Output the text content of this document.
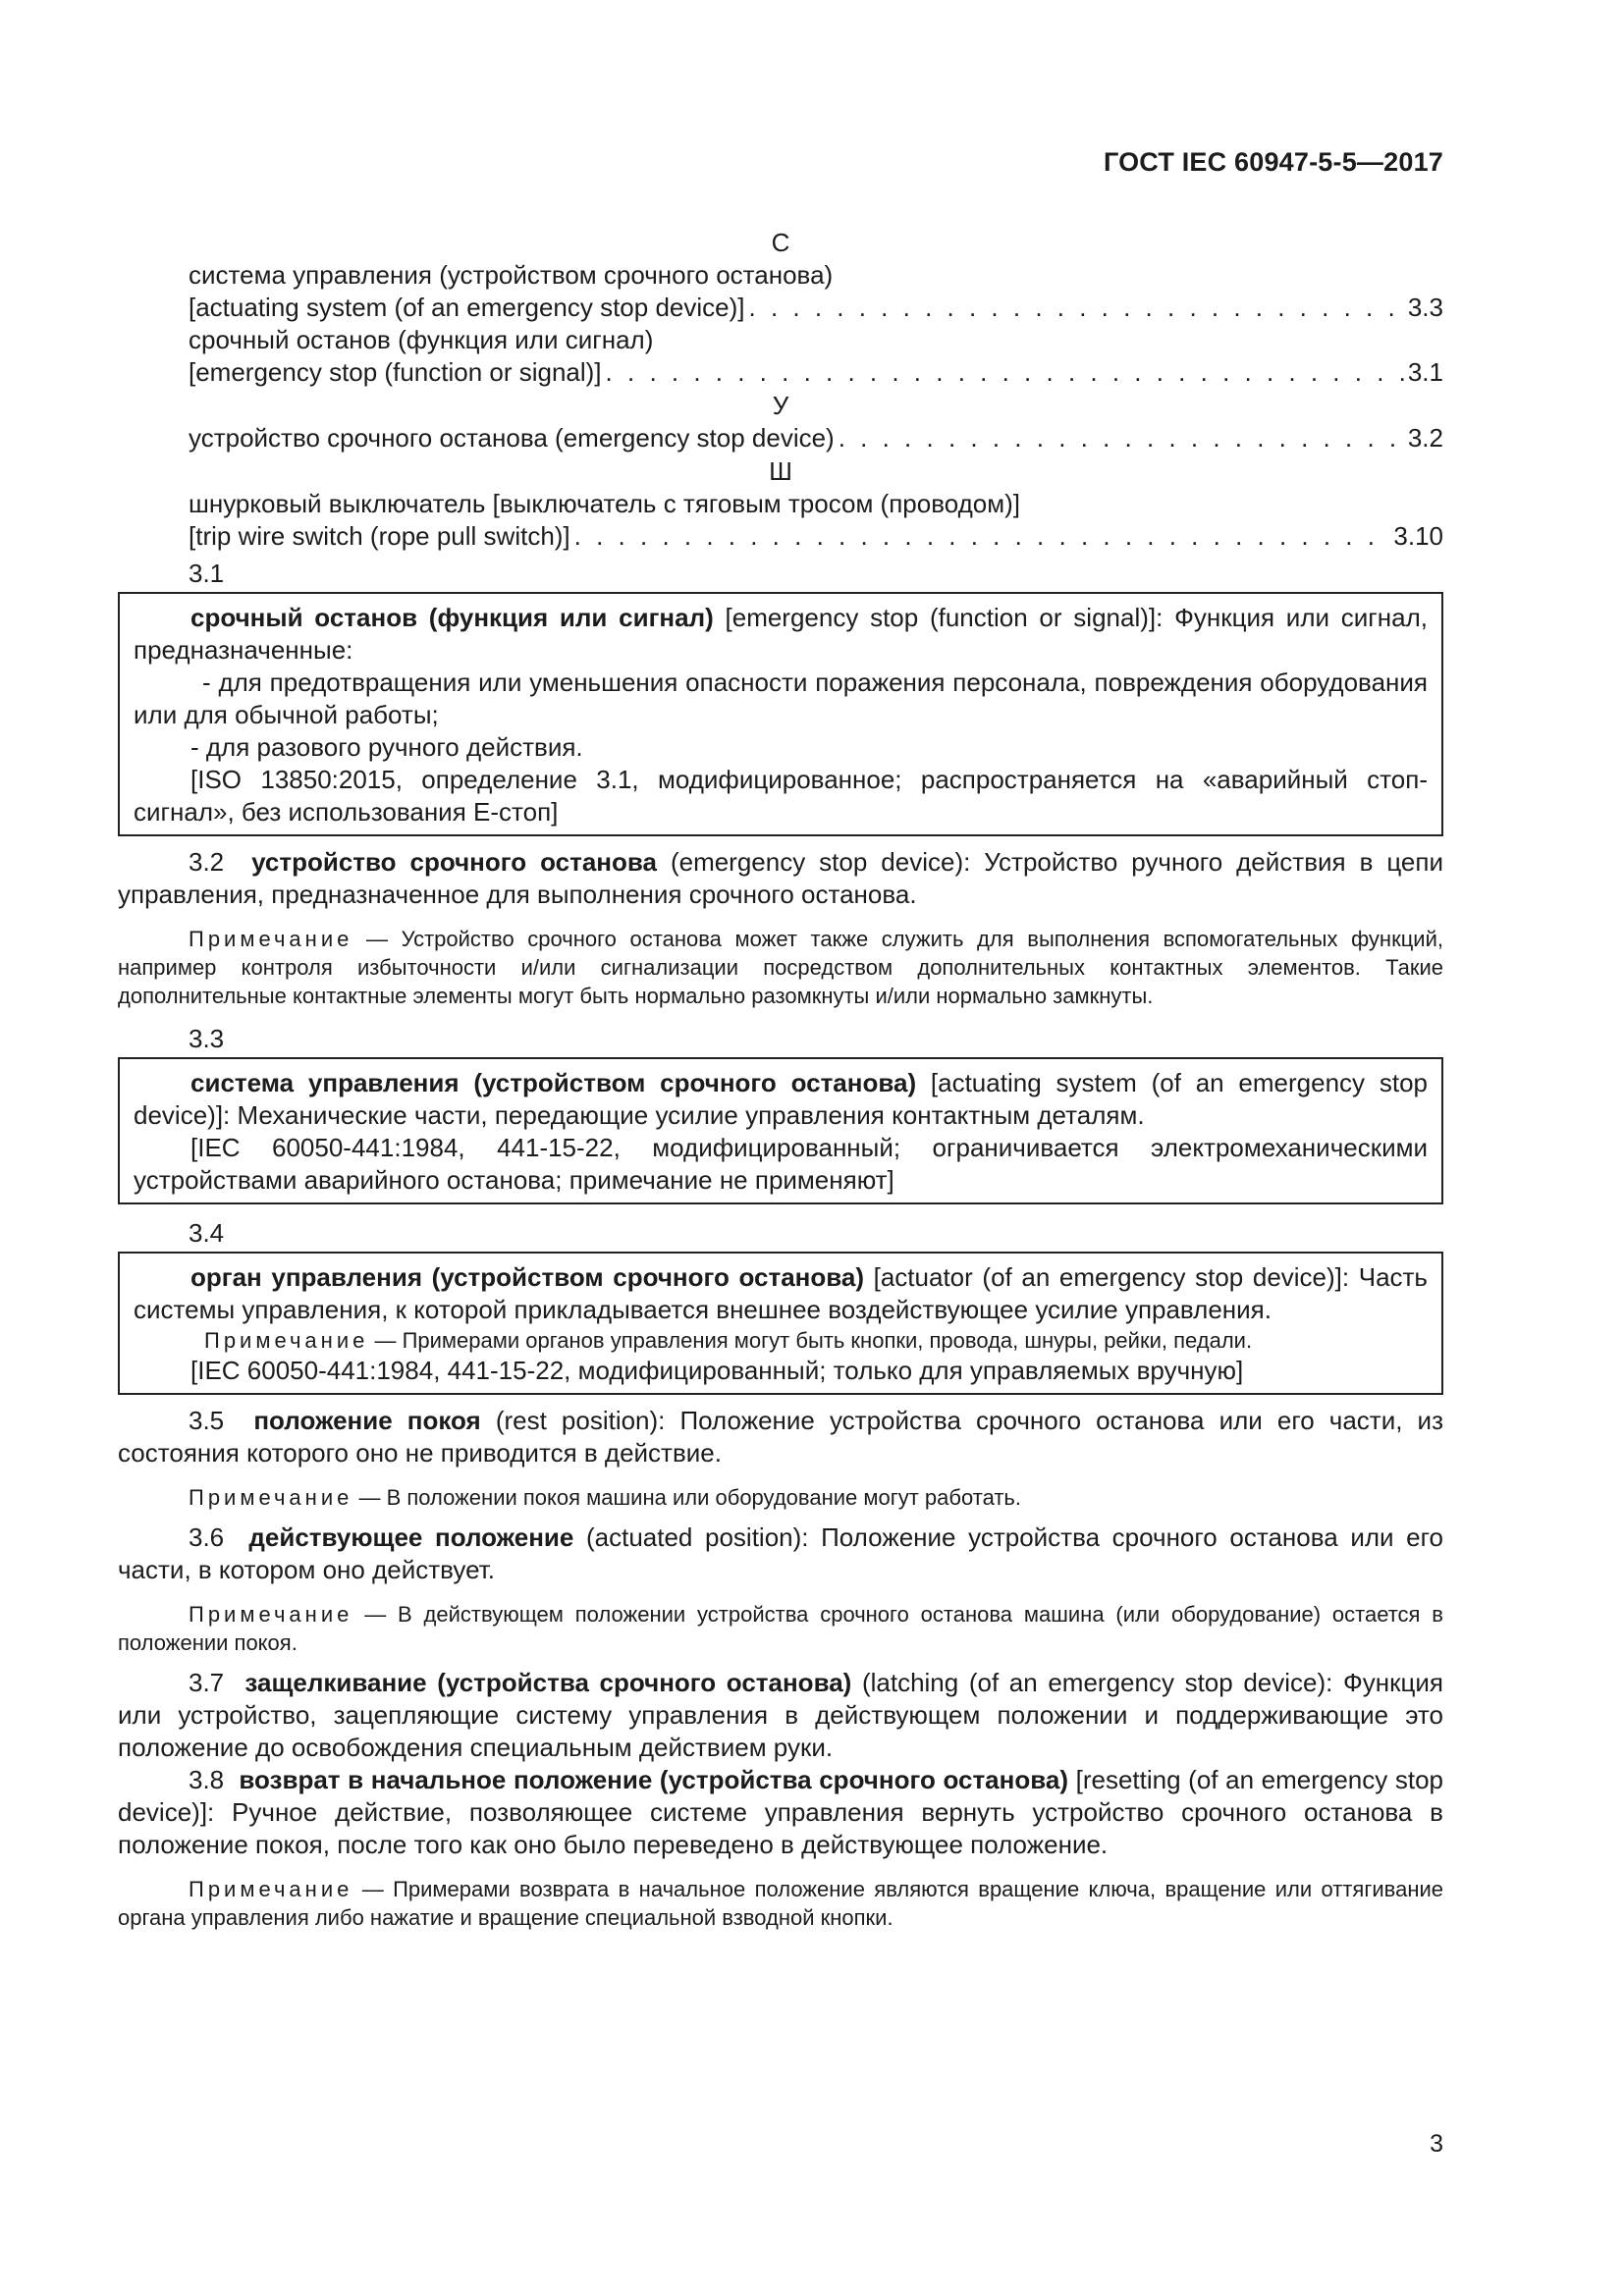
ГОСТ IEC 60947-5-5—2017
С
система управления (устройством срочного останова)
[actuating system (of an emergency stop device)] . . .	3.3
срочный останов (функция или сигнал)
[emergency stop (function or signal)] . . .	3.1
У
устройство срочного останова (emergency stop device) . . .	3.2
Ш
шнурковый выключатель [выключатель с тяговым тросом (проводом)]
[trip wire switch (rope pull switch)] . . .	3.10
3.1

срочный останов (функция или сигнал) [emergency stop (function or signal)]: Функция или сигнал, предназначенные:

- для предотвращения или уменьшения опасности поражения персонала, повреждения оборудования или для обычной работы;

- для разового ручного действия.

[ISO 13850:2015, определение 3.1, модифицированное; распространяется на «аварийный стоп-сигнал», без использования Е-стоп]

3.2 устройство срочного останова (emergency stop device): Устройство ручного действия в цепи управления, предназначенное для выполнения срочного останова.

Примечание — Устройство срочного останова может также служить для выполнения вспомогательных функций, например контроля избыточности и/или сигнализации посредством дополнительных контактных элементов. Такие дополнительные контактные элементы могут быть нормально разомкнуты и/или нормально замкнуты.

3.3

система управления (устройством срочного останова) [actuating system (of an emergency stop device)]: Механические части, передающие усилие управления контактным деталям.

[IEC 60050-441:1984, 441-15-22, модифицированный; ограничивается электромеханическими устройствами аварийного останова; примечание не применяют]

3.4

орган управления (устройством срочного останова) [actuator (of an emergency stop device)]: Часть системы управления, к которой прикладывается внешнее воздействующее усилие управления.

Примечание — Примерами органов управления могут быть кнопки, провода, шнуры, рейки, педали.

[IEC 60050-441:1984, 441-15-22, модифицированный; только для управляемых вручную]

3.5 положение покоя (rest position): Положение устройства срочного останова или его части, из состояния которого оно не приводится в действие.

Примечание — В положении покоя машина или оборудование могут работать.

3.6 действующее положение (actuated position): Положение устройства срочного останова или его части, в котором оно действует.

Примечание — В действующем положении устройства срочного останова машина (или оборудование) остается в положении покоя.

3.7 защелкивание (устройства срочного останова) (latching (of an emergency stop device): Функция или устройство, зацепляющие систему управления в действующем положении и поддерживающие это положение до освобождения специальным действием руки.

3.8 возврат в начальное положение (устройства срочного останова) [resetting (of an emergency stop device)]: Ручное действие, позволяющее системе управления вернуть устройство срочного останова в положение покоя, после того как оно было переведено в действующее положение.

Примечание — Примерами возврата в начальное положение являются вращение ключа, вращение или оттягивание органа управления либо нажатие и вращение специальной взводной кнопки.

3
